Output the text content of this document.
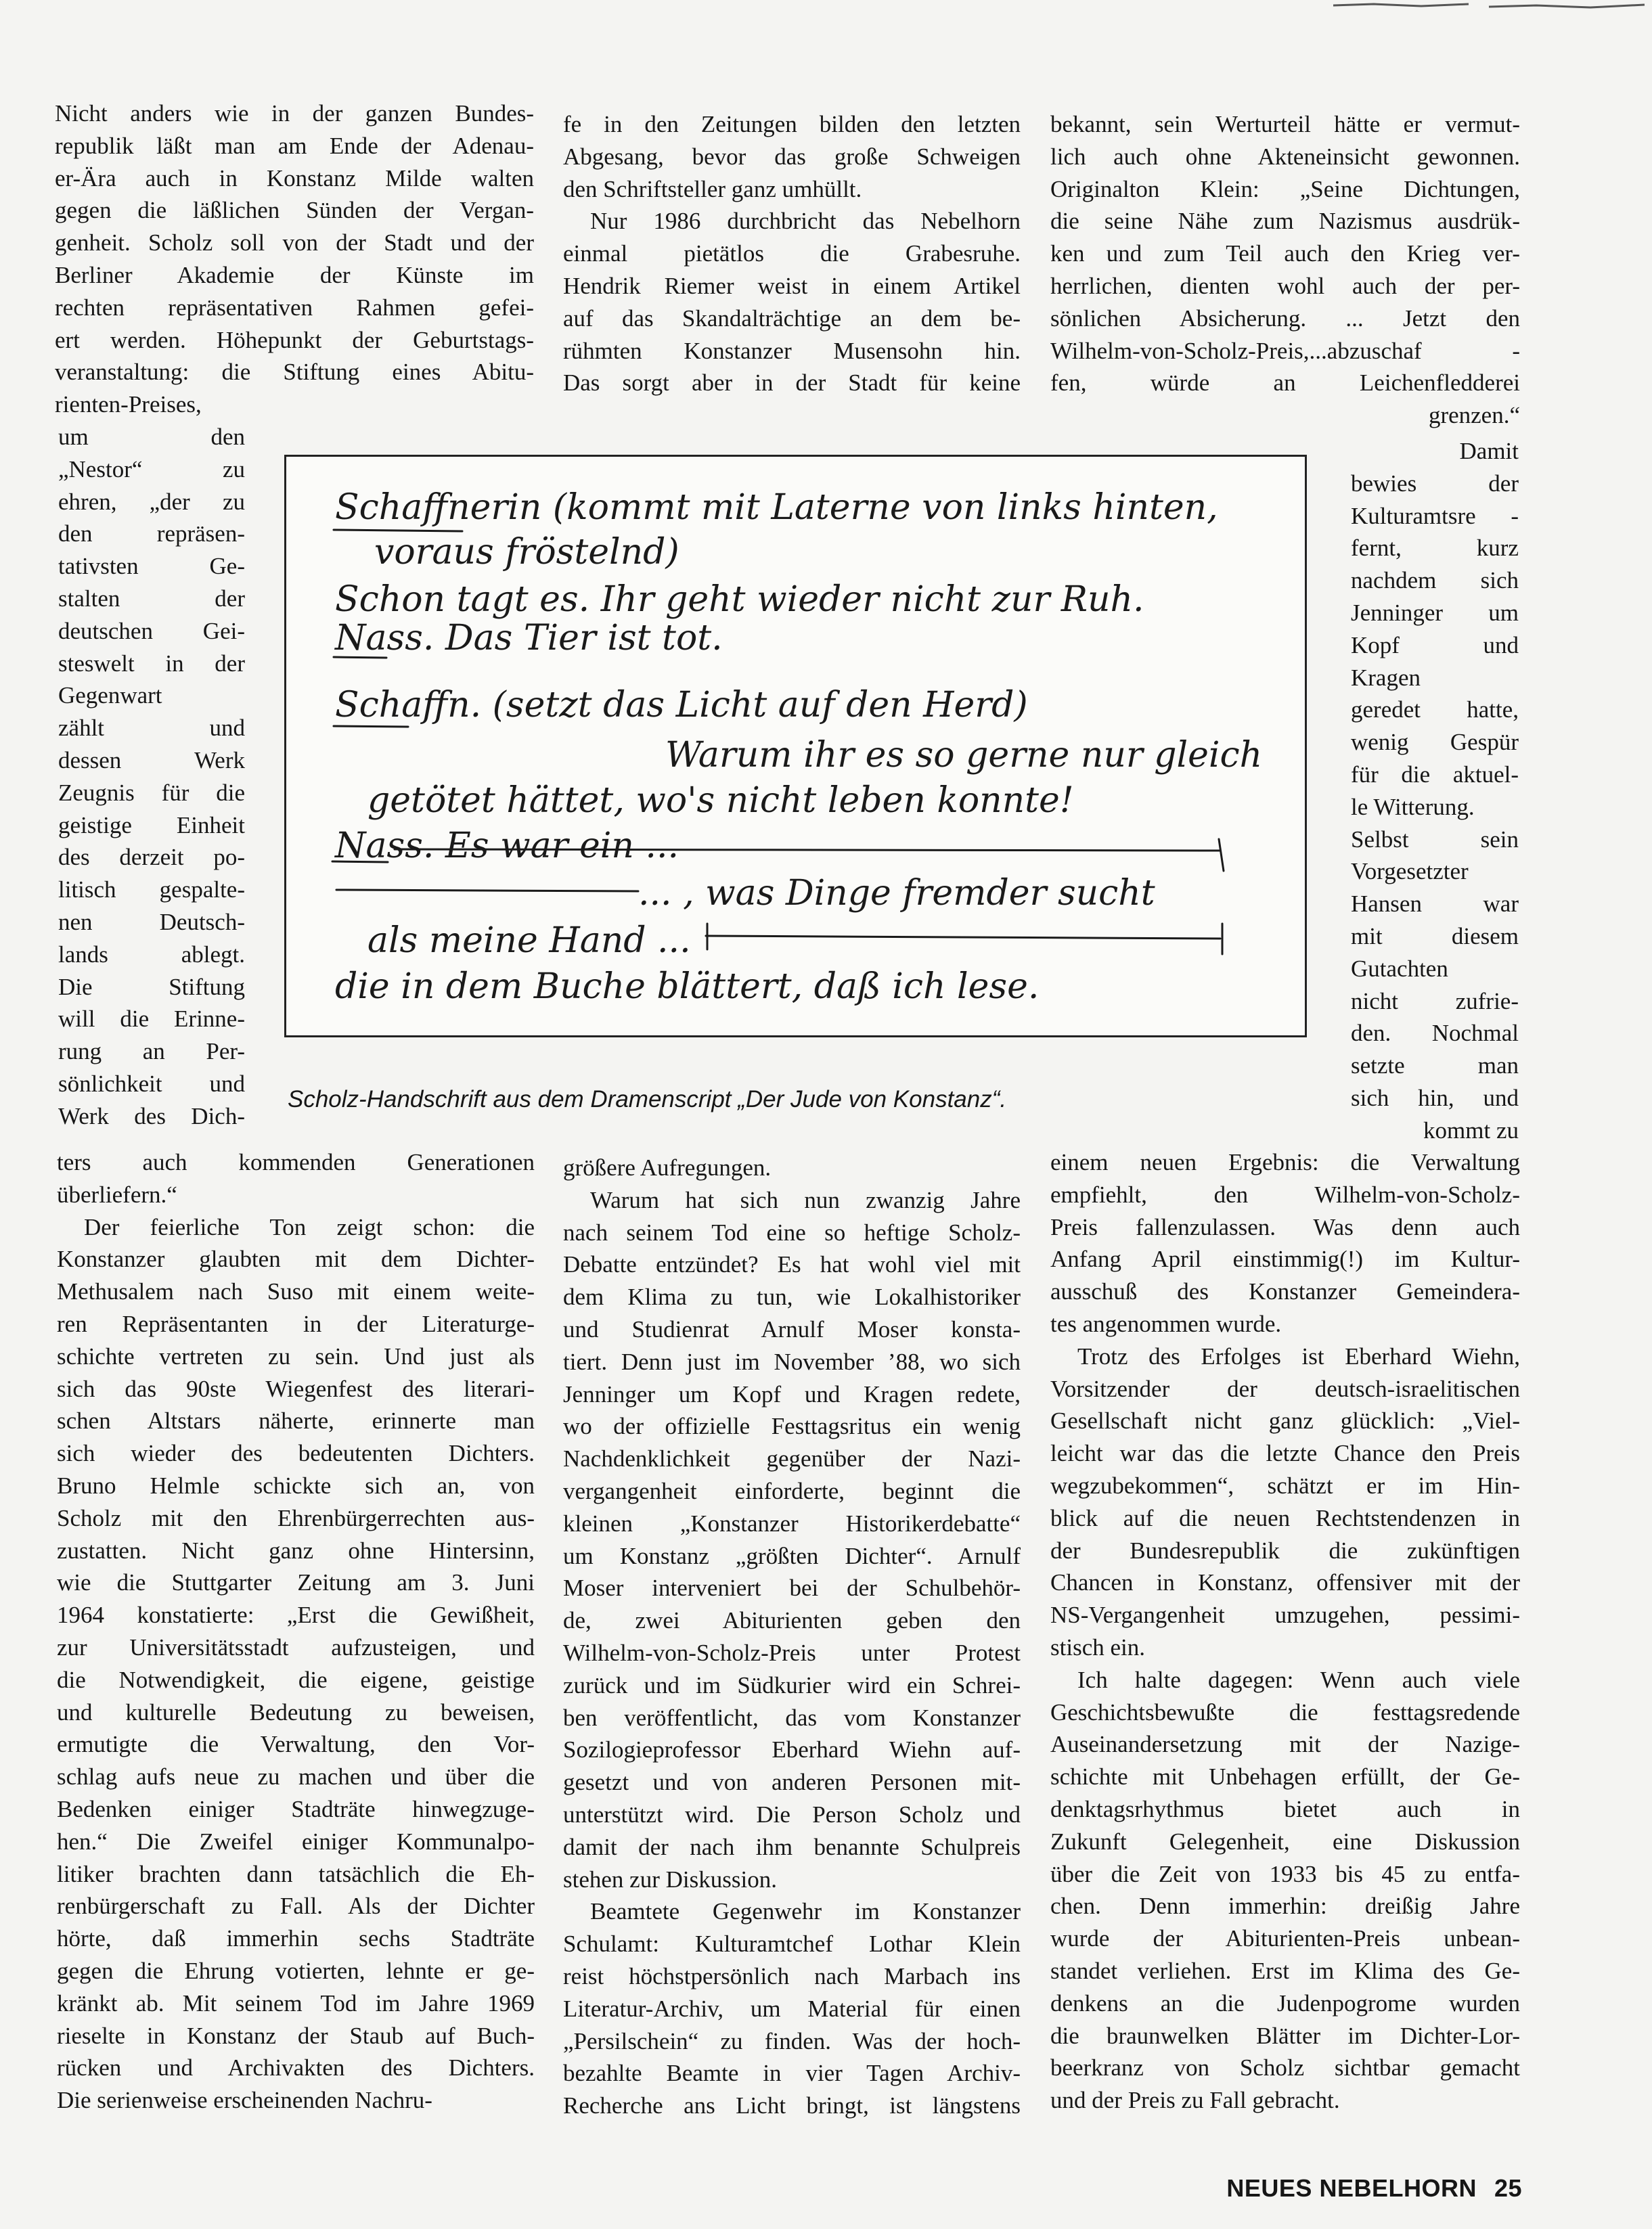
Nicht anders wie in der ganzen Bundes-
republik läßt man am Ende der Adenau-
er-Ära auch in Konstanz Milde walten
gegen die läßlichen Sünden der Vergan-
genheit. Scholz soll von der Stadt und der
Berliner Akademie der Künste im
rechten repräsentativen Rahmen gefei-
ert werden. Höhepunkt der Geburtstags-
veranstaltung: die Stiftung eines Abitu-
rienten-Preises,
um den
„Nestor“ zu
ehren, „der zu
den repräsen-
tativsten Ge-
stalten der
deutschen Gei-
steswelt in der
Gegenwart
zählt und
dessen Werk
Zeugnis für die
geistige Einheit
des derzeit po-
litisch gespalte-
nen Deutsch-
lands ablegt.
Die Stiftung
will die Erinne-
rung an Per-
sönlichkeit und
Werk des Dich-
ters auch kommenden Generationen
überliefern.“
Der feierliche Ton zeigt schon: die
Konstanzer glaubten mit dem Dichter-
Methusalem nach Suso mit einem weite-
ren Repräsentanten in der Literaturge-
schichte vertreten zu sein. Und just als
sich das 90ste Wiegenfest des literari-
schen Altstars näherte, erinnerte man
sich wieder des bedeutenten Dichters.
Bruno Helmle schickte sich an, von
Scholz mit den Ehrenbürgerrechten aus-
zustatten. Nicht ganz ohne Hintersinn,
wie die Stuttgarter Zeitung am 3. Juni
1964 konstatierte: „Erst die Gewißheit,
zur Universitätsstadt aufzusteigen, und
die Notwendigkeit, die eigene, geistige
und kulturelle Bedeutung zu beweisen,
ermutigte die Verwaltung, den Vor-
schlag aufs neue zu machen und über die
Bedenken einiger Stadträte hinwegzuge-
hen.“ Die Zweifel einiger Kommunalpo-
litiker brachten dann tatsächlich die Eh-
renbürgerschaft zu Fall. Als der Dichter
hörte, daß immerhin sechs Stadträte
gegen die Ehrung votierten, lehnte er ge-
kränkt ab. Mit seinem Tod im Jahre 1969
rieselte in Konstanz der Staub auf Buch-
rücken und Archivakten des Dichters.
Die serienweise erscheinenden Nachru-
fe in den Zeitungen bilden den letzten
Abgesang, bevor das große Schweigen
den Schriftsteller ganz umhüllt.
Nur 1986 durchbricht das Nebelhorn
einmal pietätlos die Grabesruhe.
Hendrik Riemer weist in einem Artikel
auf das Skandalträchtige an dem be-
rühmten Konstanzer Musensohn hin.
Das sorgt aber in der Stadt für keine
größere Aufregungen.
Warum hat sich nun zwanzig Jahre
nach seinem Tod eine so heftige Scholz-
Debatte entzündet? Es hat wohl viel mit
dem Klima zu tun, wie Lokalhistoriker
und Studienrat Arnulf Moser konsta-
tiert. Denn just im November ’88, wo sich
Jenninger um Kopf und Kragen redete,
wo der offizielle Festtagsritus ein wenig
Nachdenklichkeit gegenüber der Nazi-
vergangenheit einforderte, beginnt die
kleinen „Konstanzer Historikerdebatte“
um Konstanz „größten Dichter“. Arnulf
Moser interveniert bei der Schulbehör-
de, zwei Abiturienten geben den
Wilhelm-von-Scholz-Preis unter Protest
zurück und im Südkurier wird ein Schrei-
ben veröffentlicht, das vom Konstanzer
Sozilogieprofessor Eberhard Wiehn auf-
gesetzt und von anderen Personen mit-
unterstützt wird. Die Person Scholz und
damit der nach ihm benannte Schulpreis
stehen zur Diskussion.
Beamtete Gegenwehr im Konstanzer
Schulamt: Kulturamtchef Lothar Klein
reist höchstpersönlich nach Marbach ins
Literatur-Archiv, um Material für einen
„Persilschein“ zu finden. Was der hoch-
bezahlte Beamte in vier Tagen Archiv-
Recherche ans Licht bringt, ist längstens
bekannt, sein Werturteil hätte er vermut-
lich auch ohne Akteneinsicht gewonnen.
Originalton Klein: „Seine Dichtungen,
die seine Nähe zum Nazismus ausdrük-
ken und zum Teil auch den Krieg ver-
herrlichen, dienten wohl auch der per-
sönlichen Absicherung. ... Jetzt den
Wilhelm-von-Scholz-Preis,...abzuschaf -
fen, würde an Leichenfledderei
grenzen.“
Damit
bewies der
Kulturamtsre -
fernt, kurz
nachdem sich
Jenninger um
Kopf und
Kragen
geredet hatte,
wenig Gespür
für die aktuel-
le Witterung.
Selbst sein
Vorgesetzter
Hansen war
mit diesem
Gutachten
nicht zufrie-
den. Nochmal
setzte man
sich hin, und
kommt zu
einem neuen Ergebnis: die Verwaltung
empfiehlt, den Wilhelm-von-Scholz-
Preis fallenzulassen. Was denn auch
Anfang April einstimmig(!) im Kultur-
ausschuß des Konstanzer Gemeindera-
tes angenommen wurde.
Trotz des Erfolges ist Eberhard Wiehn,
Vorsitzender der deutsch-israelitischen
Gesellschaft nicht ganz glücklich: „Viel-
leicht war das die letzte Chance den Preis
wegzubekommen“, schätzt er im Hin-
blick auf die neuen Rechtstendenzen in
der Bundesrepublik die zukünftigen
Chancen in Konstanz, offensiver mit der
NS-Vergangenheit umzugehen, pessimi-
stisch ein.
Ich halte dagegen: Wenn auch viele
Geschichtsbewußte die festtagsredende
Auseinandersetzung mit der Nazige-
schichte mit Unbehagen erfüllt, der Ge-
denktagsrhythmus bietet auch in
Zukunft Gelegenheit, eine Diskussion
über die Zeit von 1933 bis 45 zu entfa-
chen. Denn immerhin: dreißig Jahre
wurde der Abiturienten-Preis unbean-
standet verliehen. Erst im Klima des Ge-
denkens an die Judenpogrome wurden
die braunwelken Blätter im Dichter-Lor-
beerkranz von Scholz sichtbar gemacht
und der Preis zu Fall gebracht.
Schaffnerin (kommt mit Laterne von links hinten,
voraus fröstelnd)
Schon tagt es. Ihr geht wieder nicht zur Ruh.
Nass. Das Tier ist tot.
Schaffn. (setzt das Licht auf den Herd)
Warum ihr es so gerne nur gleich
getötet hättet, wo's nicht leben konnte!
Nass. Es war ein ...
... , was Dinge fremder sucht
als meine Hand ...
die in dem Buche blättert, daß ich lese.
Scholz-Handschrift aus dem Dramenscript „Der Jude von Konstanz“.
NEUES NEBELHORN 25
